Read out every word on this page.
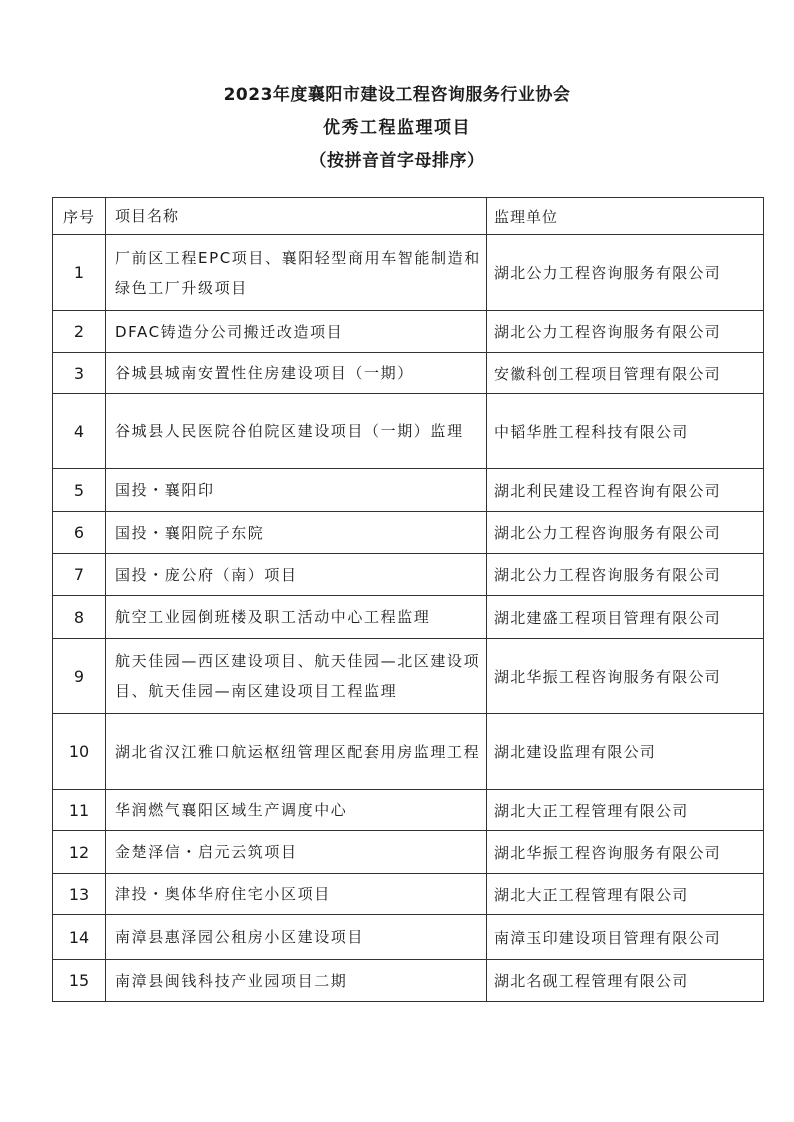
2023年度襄阳市建设工程咨询服务行业协会
优秀工程监理项目
（按拼音首字母排序）
序号	项目名称	监理单位
1	厂前区工程EPC项目、襄阳轻型商用车智能制造和绿色工厂升级项目	湖北公力工程咨询服务有限公司
2	DFAC铸造分公司搬迁改造项目	湖北公力工程咨询服务有限公司
3	谷城县城南安置性住房建设项目（一期）	安徽科创工程项目管理有限公司
4	谷城县人民医院谷伯院区建设项目（一期）监理	中韬华胜工程科技有限公司
5	国投・襄阳印	湖北利民建设工程咨询有限公司
6	国投・襄阳院子东院	湖北公力工程咨询服务有限公司
7	国投・庞公府（南）项目	湖北公力工程咨询服务有限公司
8	航空工业园倒班楼及职工活动中心工程监理	湖北建盛工程项目管理有限公司
9	航天佳园—西区建设项目、航天佳园—北区建设项目、航天佳园—南区建设项目工程监理	湖北华振工程咨询服务有限公司
10	湖北省汉江雅口航运枢纽管理区配套用房监理工程	湖北建设监理有限公司
11	华润燃气襄阳区域生产调度中心	湖北大正工程管理有限公司
12	金楚泽信・启元云筑项目	湖北华振工程咨询服务有限公司
13	津投・奥体华府住宅小区项目	湖北大正工程管理有限公司
14	南漳县惠泽园公租房小区建设项目	南漳玉印建设项目管理有限公司
15	南漳县闽钱科技产业园项目二期	湖北名砚工程管理有限公司
